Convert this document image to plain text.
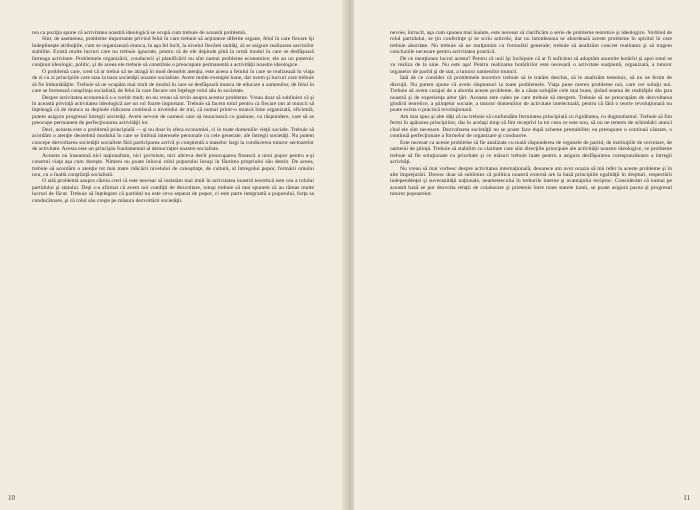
rea ca poziţia spune că activitatea noastră ideologică se ocupă cum trebuie de această problemă.

Sînt, de asemenea, probleme importante privind felul în care trebuie să acţioneze diferite organe, felul în care fiecare îşi îndeplineşte atribuţiile, cum se organizează munca, în aşa fel încît, la nivelul fiecărei unităţi, să se asigure realizarea sarcinilor stabilite. Există multe lucruri care nu trebuie ignorate, pentru că de ele depinde pînă la urmă modul în care se desfăşoară întreaga activitate. Problemele organizării, conducerii şi planificării nu sînt numai probleme economice; ele au un puternic conţinut ideologic, politic, şi de aceea ele trebuie să constituie o preocupare permanentă a activităţii noastre ideologice.

O problemă care, cred că ar trebui să ne atragă în mod deosebit atenţia, este aceea a felului în care se realizează în viaţa de zi cu zi principiile care stau la baza societăţii noastre socialiste. Avem multe exemple bune, dar avem şi lucruri care trebuie să fie îmbunătăţite. Trebuie să ne ocupăm mai mult de modul în care se desfăşoară munca de educare a oamenilor, de felul în care se formează conştiinţa socialistă, de felul în care fiecare om înţelege rolul său în societate.

Despre activitatea economică s-a vorbit mult; eu nu vreau să revin asupra acestor probleme. Vreau doar să subliniez că şi în această privinţă activitatea ideologică are un rol foarte important. Trebuie să facem totul pentru ca fiecare om al muncii să înţeleagă că de munca sa depinde ridicarea continuă a nivelului de trai, că numai printr-o muncă bine organizată, eficientă, putem asigura progresul întregii societăţi. Avem nevoie de oameni care să muncească cu pasiune, cu răspundere, care să se preocupe permanent de perfecţionarea activităţii lor.

Deci, aceasta este o problemă principială — şi nu doar în sfera economiei, ci în toate domeniile vieţii sociale. Trebuie să acordăm o atenţie deosebită modului în care se îmbină interesele personale cu cele generale, ale întregii societăţi. Nu putem concepe dezvoltarea societăţii socialiste fără participarea activă şi conştientă a maselor largi la conducerea tuturor sectoarelor de activitate. Acesta este un principiu fundamental al democraţiei noastre socialiste.

Aceasta nu înseamnă nici naţionalism, nici şovinism, nici altceva decît preocuparea firească a unui popor pentru a-şi construi viaţa aşa cum doreşte. Nimeni nu poate înlocui rolul poporului însuşi în făurirea propriului său destin. De aceea, trebuie să acordăm o atenţie tot mai mare ridicării nivelului de cunoştinţe, de cultură, al întregului popor, formării omului nou, cu o înaltă conştiinţă socialistă.

O altă problemă asupra căreia cred că este necesar să insistăm mai mult în activitatea noastră teoretică este cea a rolului partidului şi statului. Deşi s-a afirmat că avem noi condiţii de dezvoltare, totuşi trebuie să mai spunem că au rămas multe lucruri de făcut. Trebuie să înţelegem că partidul nu este ceva separat de popor, ci este parte integrantă a poporului, forţa sa conducătoare, şi că rolul său creşte pe măsura dezvoltării societăţii.

10

nevoie, întrucît, aşa cum spunea mai înainte, este necesar să clarificăm o serie de probleme teoretice şi ideologice. Vorbind de rolul partidului, se ţin conferinţe şi se scriu articole, dar nu întotdeauna se abordează aceste probleme în spiritul în care trebuie abordate. Nu trebuie să ne mulţumim cu formulări generale; trebuie să analizăm concret realitatea şi să tragem concluziile necesare pentru activitatea practică.

De ce menţionez lucrul acesta? Pentru că unii îşi închipuie că ar fi suficient să adoptăm anumite hotărîri şi apoi totul se va realiza de la sine. Nu este aşa! Pentru realizarea hotărîrilor este necesară o activitate susţinută, organizată, a tuturor organelor de partid şi de stat, a tuturor oamenilor muncii.

Iată de ce consider că problemele teoretice trebuie să le tratăm deschis, să le analizăm temeinic, să nu ne ferim de discuţii. Nu putem spune că avem răspunsuri la toate problemele. Viaţa pune mereu probleme noi, care cer soluţii noi. Trebuie să avem curajul de a aborda aceste probleme, de a căuta soluţiile cele mai bune, ţinînd seama de realităţile din ţara noastră şi de experienţa altor ţări. Aceasta este calea pe care trebuie să mergem. Trebuie să ne preocupăm de dezvoltarea gîndirii teoretice, a ştiinţelor sociale, a tuturor domeniilor de activitate intelectuală, pentru că fără o teorie revoluţionară nu poate exista o practică revoluţionară.

Am mai spus şi alte dăţi că nu trebuie să confundăm fermitatea principială cu rigiditatea, cu dogmatismul. Trebuie să fim fermi în apărarea principiilor, dar în acelaşi timp să fim receptivi la tot ceea ce este nou, să nu ne temem de schimbări atunci cînd ele sînt necesare. Dezvoltarea societăţii nu se poate face după scheme prestabilite; ea presupune o continuă căutare, o continuă perfecţionare a formelor de organizare şi conducere.

Este necesar ca aceste probleme să fie analizate cu toată răspunderea de organele de partid, de instituţiile de cercetare, de oamenii de ştiinţă. Trebuie să stabilim cu claritate care sînt direcţiile principale ale activităţii noastre ideologice, ce probleme trebuie să fie soluţionate cu prioritate şi ce măsuri trebuie luate pentru a asigura desfăşurarea corespunzătoare a întregii activităţi.

Nu vreau să mai vorbesc despre activitatea internaţională, deoarece am avut ocazia să mă refer la aceste probleme şi în alte împrejurări. Doresc doar să subliniez că politica noastră externă are la bază principiile egalităţii în drepturi, respectării independenţei şi suveranităţii naţionale, neamestecului în treburile interne şi avantajului reciproc. Considerăm că numai pe această bază se pot dezvolta relaţii de colaborare şi prietenie între toate statele lumii, se poate asigura pacea şi progresul tuturor popoarelor.

11
